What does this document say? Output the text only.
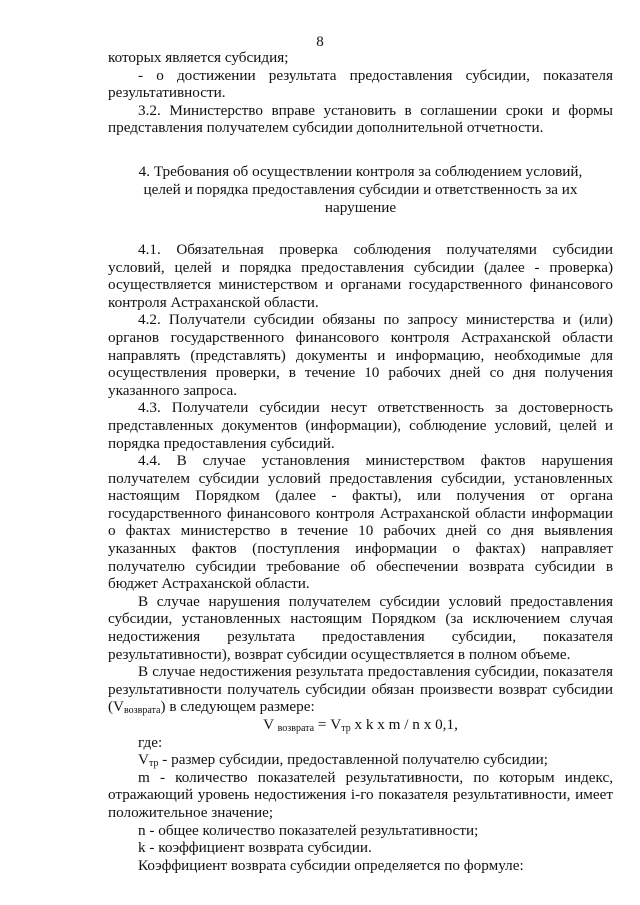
8

которых является субсидия;

- о достижении результата предоставления субсидии, показателя результативности.

3.2. Министерство вправе установить в соглашении сроки и формы представления получателем субсидии дополнительной отчетности.

4. Требования об осуществлении контроля за соблюдением условий, целей и порядка предоставления субсидии и ответственность за их нарушение

4.1. Обязательная проверка соблюдения получателями субсидии условий, целей и порядка предоставления субсидии (далее - проверка) осуществляется министерством и органами государственного финансового контроля Астраханской области.

4.2. Получатели субсидии обязаны по запросу министерства и (или) органов государственного финансового контроля Астраханской области направлять (представлять) документы и информацию, необходимые для осуществления проверки, в течение 10 рабочих дней со дня получения указанного запроса.

4.3. Получатели субсидии несут ответственность за достоверность представленных документов (информации), соблюдение условий, целей и порядка предоставления субсидий.

4.4. В случае установления министерством фактов нарушения получателем субсидии условий предоставления субсидии, установленных настоящим Порядком (далее - факты), или получения от органа государственного финансового контроля Астраханской области информации о фактах министерство в течение 10 рабочих дней со дня выявления указанных фактов (поступления информации о фактах) направляет получателю субсидии требование об обеспечении возврата субсидии в бюджет Астраханской области.

В случае нарушения получателем субсидии условий предоставления субсидии, установленных настоящим Порядком (за исключением случая недостижения результата предоставления субсидии, показателя результативности), возврат субсидии осуществляется в полном объеме.

В случае недостижения результата предоставления субсидии, показателя результативности получатель субсидии обязан произвести возврат субсидии $(V_{возврата})$ в следующем размере:

V $_{возврата} = V_{тр}$ x k x m / n x 0,1,

где:

$V_{тр}$ - размер субсидии, предоставленной получателю субсидии;

m - количество показателей результативности, по которым индекс, отражающий уровень недостижения i-го показателя результативности, имеет положительное значение;

n - общее количество показателей результативности;

k - коэффициент возврата субсидии.

Коэффициент возврата субсидии определяется по формуле:
